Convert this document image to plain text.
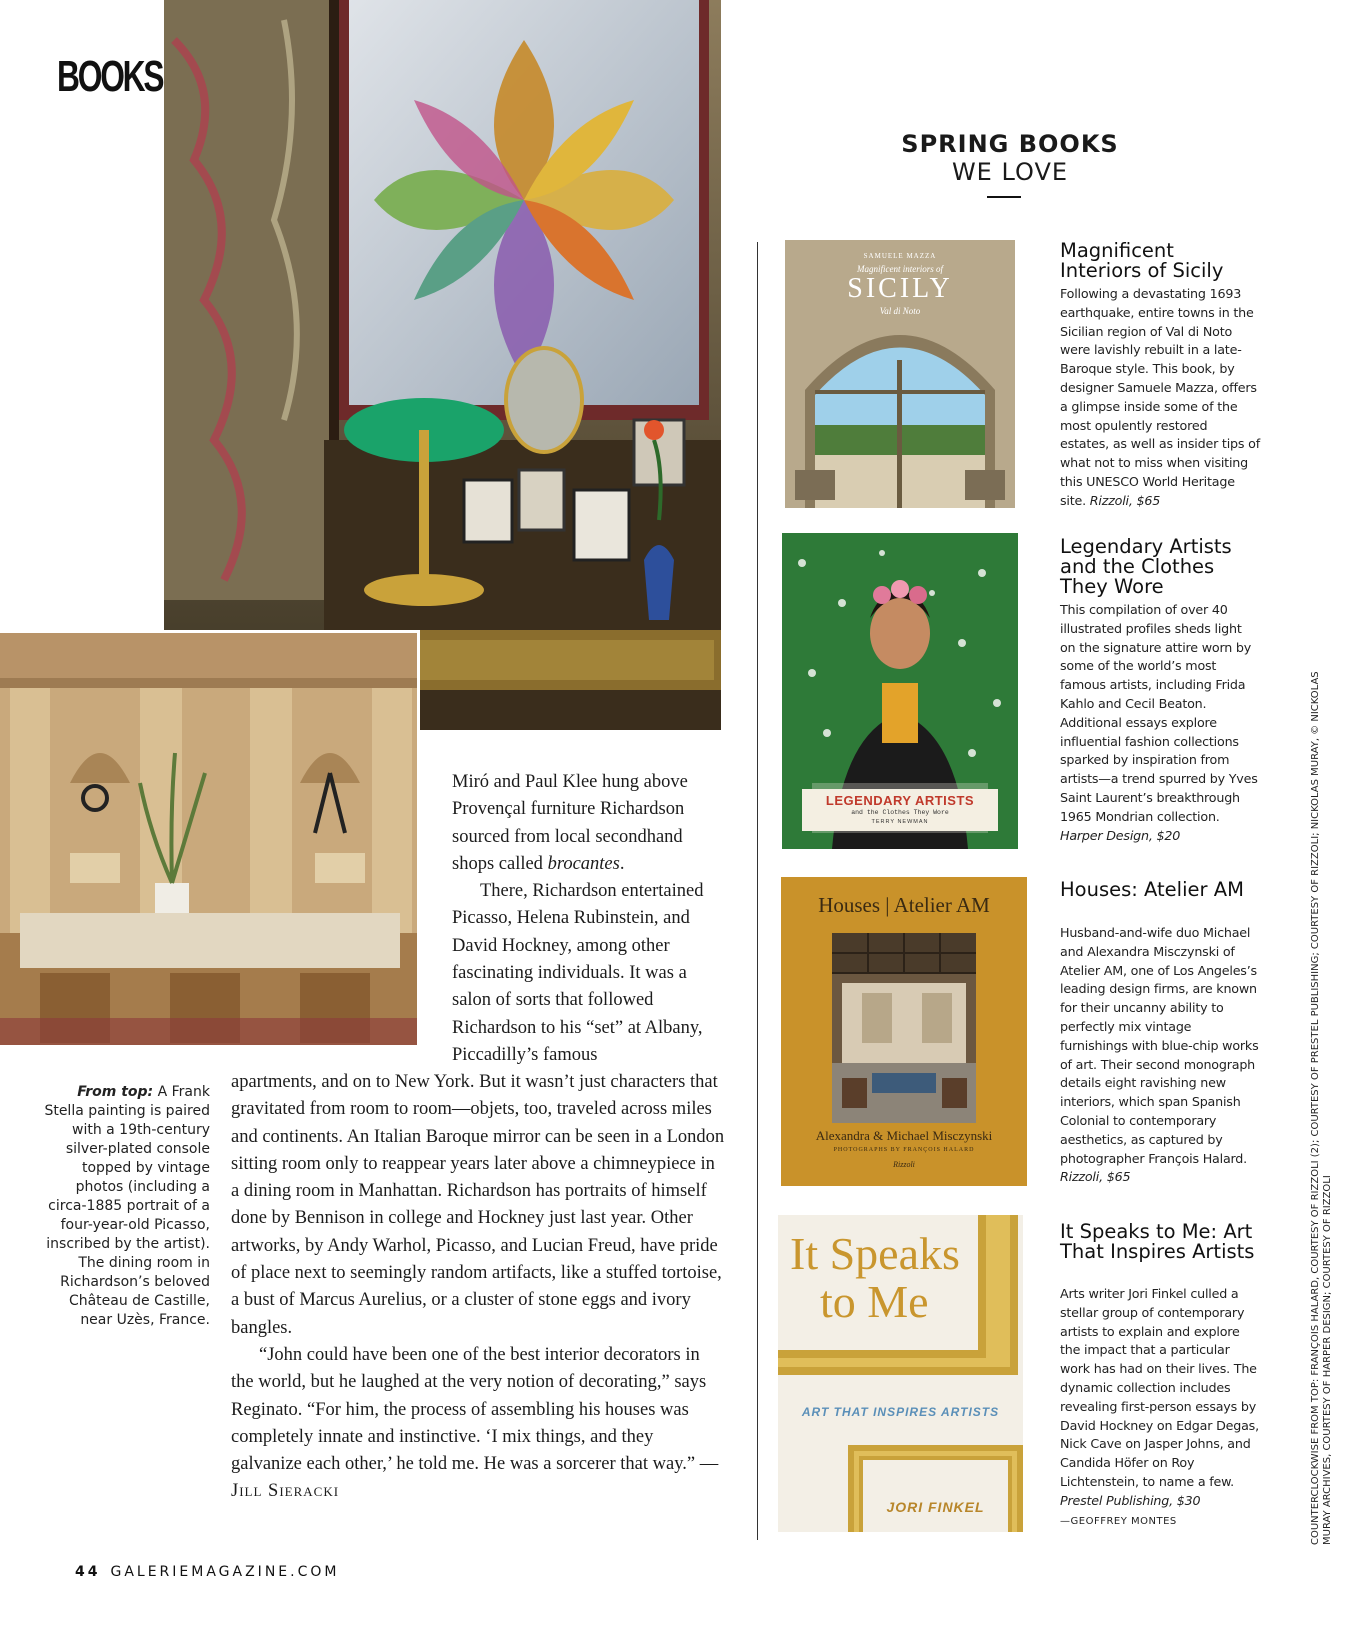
BOOKS
From top: A Frank Stella painting is paired with a 19th-century silver-plated console topped by vintage photos (including a circa-1885 portrait of a four-year-old Picasso, inscribed by the artist). The dining room in Richardson’s beloved Château de Castille, near Uzès, France.

Miró and Paul Klee hung above Provençal furniture Richardson sourced from local secondhand shops called brocantes.

There, Richardson entertained Picasso, Helena Rubinstein, and David Hockney, among other fascinating individuals. It was a salon of sorts that followed Richardson to his “set” at Albany, Piccadilly’s famous

apartments, and on to New York. But it wasn’t just characters that gravitated from room to room—objets, too, traveled across miles and continents. An Italian Baroque mirror can be seen in a London sitting room only to reappear years later above a chimneypiece in a dining room in Manhattan. Richardson has portraits of himself done by Bennison in college and Hockney just last year. Other artworks, by Andy Warhol, Picasso, and Lucian Freud, have pride of place next to seemingly random artifacts, like a stuffed tortoise, a bust of Marcus Aurelius, or a cluster of stone eggs and ivory bangles.

“John could have been one of the best interior decorators in the world, but he laughed at the very notion of decorating,” says Reginato. “For him, the process of assembling his houses was completely innate and instinctive. ‘I mix things, and they galvanize each other,’ he told me. He was a sorcerer that way.” —Jill Sieracki

SPRING BOOKS
WE LOVE
SAMUELE MAZZA
Magnificent interiors of
SICILY
Val di Noto
LEGENDARY ARTISTS
and the Clothes They Wore
TERRY NEWMAN
Houses | Atelier AM
Alexandra & Michael Misczynski
PHOTOGRAPHS BY FRANÇOIS HALARD
Rizzoli
It Speaks
to Me
ART THAT INSPIRES ARTISTS
JORI FINKEL
Magnificent Interiors of Sicily
Following a devastating 1693 earthquake, entire towns in the Sicilian region of Val di Noto were lavishly rebuilt in a late-Baroque style. This book, by designer Samuele Mazza, offers a glimpse inside some of the most opulently restored estates, as well as insider tips of what not to miss when visiting this UNESCO World Heritage site. Rizzoli, $65
Legendary Artists and the Clothes They Wore
This compilation of over 40 illustrated profiles sheds light on the signature attire worn by some of the world’s most famous artists, including Frida Kahlo and Cecil Beaton. Additional essays explore influential fashion collections sparked by inspiration from artists—a trend spurred by Yves Saint Laurent’s breakthrough 1965 Mondrian collection. Harper Design, $20
Houses: Atelier AM
Husband-and-wife duo Michael and Alexandra Misczynski of Atelier AM, one of Los Angeles’s leading design firms, are known for their uncanny ability to perfectly mix vintage furnishings with blue-chip works of art. Their second monograph details eight ravishing new interiors, which span Spanish Colonial to contemporary aesthetics, as captured by photographer François Halard. Rizzoli, $65
It Speaks to Me: Art That Inspires Artists
Arts writer Jori Finkel culled a stellar group of contemporary artists to explain and explore the impact that a particular work has had on their lives. The dynamic collection includes revealing first-person essays by David Hockney on Edgar Degas, Nick Cave on Jasper Johns, and Candida Höfer on Roy Lichtenstein, to name a few. Prestel Publishing, $30
—GEOFFREY MONTES
44 GALERIEMAGAZINE.COM
COUNTERCLOCKWISE FROM TOP: FRANÇOIS HALARD, COURTESY OF RIZZOLI (2); COURTESY OF PRESTEL PUBLISHING; COURTESY OF RIZZOLI; NICKOLAS MURAY, © NICKOLAS MURAY ARCHIVES, COURTESY OF HARPER DESIGN; COURTESY OF RIZZOLI
